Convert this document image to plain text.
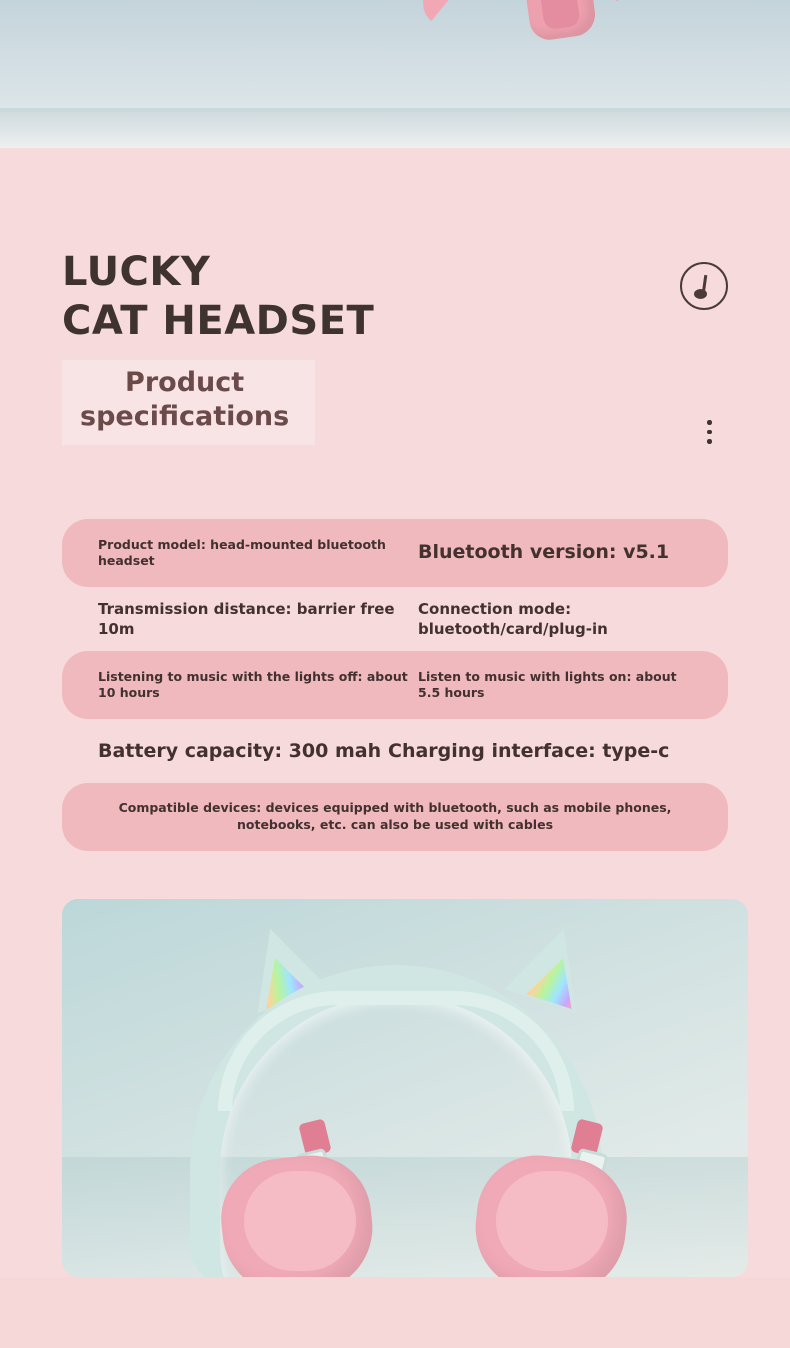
LUCKY
CAT HEADSET
Product
specifications
Product model: head-mounted bluetooth headset	Bluetooth version: v5.1
Transmission distance: barrier free 10m
Connection mode: bluetooth/card/plug-in
Listening to music with the lights off: about 10 hours
Listen to music with lights on: about 5.5 hours
Battery capacity: 300 mah Charging interface: type-c
Compatible devices: devices equipped with bluetooth, such as mobile phones, notebooks, etc. can also be used with cables
